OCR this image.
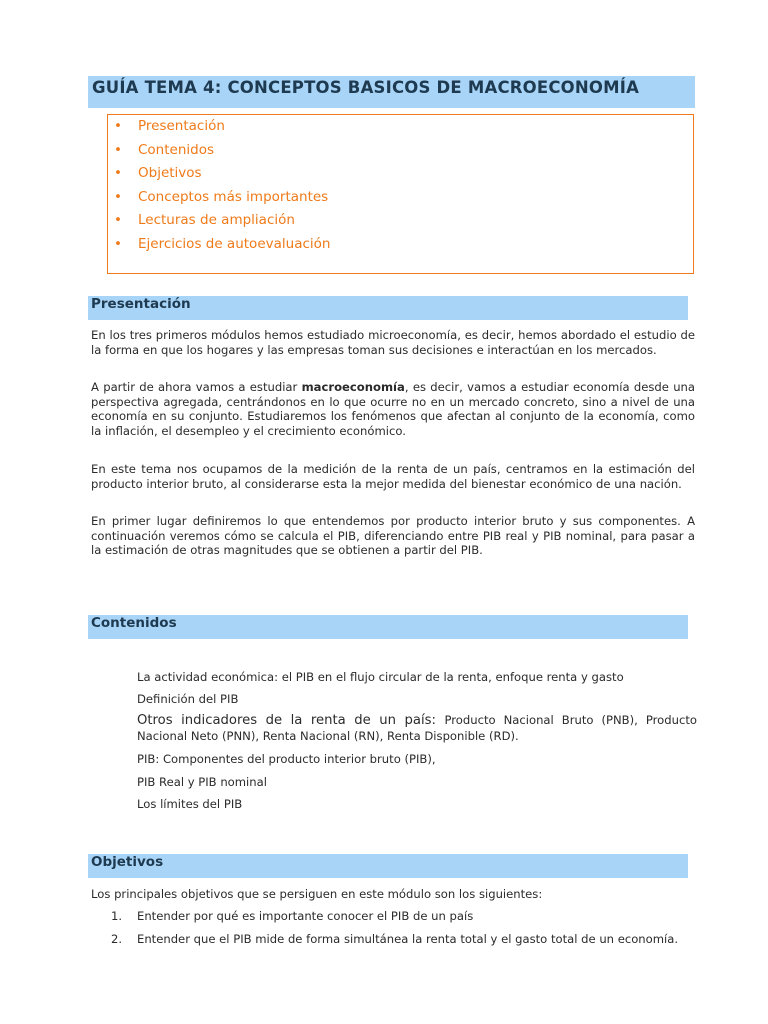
GUÍA TEMA 4: CONCEPTOS BASICOS DE MACROECONOMÍA
• Presentación
• Contenidos
• Objetivos
• Conceptos más importantes
• Lecturas de ampliación
• Ejercicios de autoevaluación
Presentación

En los tres primeros módulos hemos estudiado microeconomía, es decir, hemos abordado el estudio de la forma en que los hogares y las empresas toman sus decisiones e interactúan en los mercados.

A partir de ahora vamos a estudiar macroeconomía, es decir, vamos a estudiar economía desde una perspectiva agregada, centrándonos en lo que ocurre no en un mercado concreto, sino a nivel de una economía en su conjunto. Estudiaremos los fenómenos que afectan al conjunto de la economía, como la inflación, el desempleo y el crecimiento económico.

En este tema nos ocupamos de la medición de la renta de un país, centramos en la estimación del producto interior bruto, al considerarse esta la mejor medida del bienestar económico de una nación.

En primer lugar definiremos lo que entendemos por producto interior bruto y sus componentes. A continuación veremos cómo se calcula el PIB, diferenciando entre PIB real y PIB nominal, para pasar a la estimación de otras magnitudes que se obtienen a partir del PIB.

Contenidos

La actividad económica: el PIB en el flujo circular de la renta, enfoque renta y gasto

Definición del PIB

Otros indicadores de la renta de un país: Producto Nacional Bruto (PNB), Producto Nacional Neto (PNN), Renta Nacional (RN), Renta Disponible (RD).

PIB: Componentes del producto interior bruto (PIB),

PIB Real y PIB nominal

Los límites del PIB

Objetivos

Los principales objetivos que se persiguen en este módulo son los siguientes:

1.	Entender por qué es importante conocer el PIB de un país
2.	Entender que el PIB mide de forma simultánea la renta total y el gasto total de un economía.
